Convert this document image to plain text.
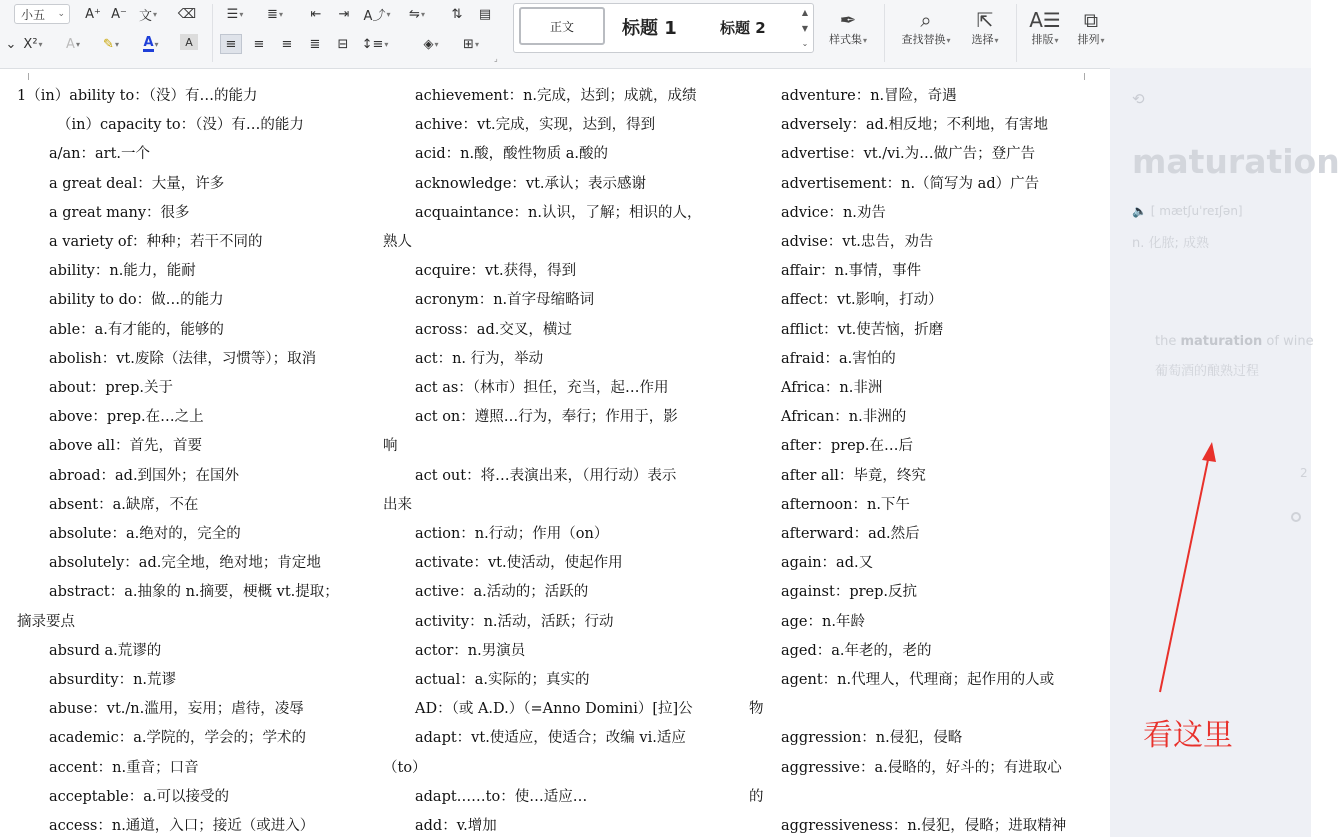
小五 ⌄ A⁺ A⁻ ⽂ ▾ ⌫ ☰ ▾ ≣ ▾	⇤	⇥	A⤴ ▾ ⇋ ▾	⇅	▤
⌄ X² ▾	A ▾ ✎ ▾ A ▾	A	≡	≡	≡	≣	⊟	↕≡ ▾	◈ ▾ ⊞ ▾
⌟
正文	标题 1	标题 2
▲
▼
⌄
✒
样式集▾
⌕
查找替换▾
⇱
选择▾
A☰
排版▾
⧉
排列▾
1（in）ability to：（没）有…的能力
（in）capacity to：（没）有…的能力
a/an：art.一个
a great deal：大量，许多
a great many：很多
a variety of：种种；若干不同的
ability：n.能力，能耐
ability to do：做…的能力
able：a.有才能的，能够的
abolish：vt.废除（法律，习惯等）；取消
about：prep.关于
above：prep.在…之上
above all：首先，首要
abroad：ad.到国外；在国外
absent：a.缺席，不在
absolute：a.绝对的，完全的
absolutely：ad.完全地，绝对地；肯定地
abstract：a.抽象的 n.摘要，梗概 vt.提取；
摘录要点
absurd a.荒谬的
absurdity：n.荒谬
abuse：vt./n.滥用，妄用；虐待，凌辱
academic：a.学院的，学会的；学术的
accent：n.重音；口音
acceptable：a.可以接受的
access：n.通道，入口；接近（或进入）
achievement：n.完成，达到；成就，成绩
achive：vt.完成，实现，达到，得到
acid：n.酸，酸性物质 a.酸的
acknowledge：vt.承认；表示感谢
acquaintance：n.认识，了解；相识的人，
熟人
acquire：vt.获得，得到
acronym：n.首字母缩略词
across：ad.交叉，横过
act：n. 行为，举动
act as：（林市）担任，充当，起…作用
act on：遵照…行为，奉行；作用于，影
响
act out：将…表演出来，（用行动）表示
出来
action：n.行动；作用（on）
activate：vt.使活动，使起作用
active：a.活动的；活跃的
activity：n.活动，活跃；行动
actor：n.男演员
actual：a.实际的；真实的
AD：（或 A.D.）（=Anno Domini）[拉]公
adapt：vt.使适应，使适合；改编 vi.适应
（to）
adapt……to：使…适应…
add：v.增加
adventure：n.冒险，奇遇
adversely：ad.相反地；不利地，有害地
advertise：vt./vi.为…做广告；登广告
advertisement：n.（简写为 ad）广告
advice：n.劝告
advise：vt.忠告，劝告
affair：n.事情，事件
affect：vt.影响，打动）
afflict：vt.使苦恼，折磨
afraid：a.害怕的
Africa：n.非洲
African：n.非洲的
after：prep.在…后
after all：毕竟，终究
afternoon：n.下午
afterward：ad.然后
again：ad.又
against：prep.反抗
age：n.年龄
aged：a.年老的，老的
agent：n.代理人，代理商；起作用的人或
物
aggression：n.侵犯，侵略
aggressive：a.侵略的，好斗的；有进取心
的
aggressiveness：n.侵犯，侵略；进取精神
⟲
maturation
🔈 [ mætʃuˈreɪʃən]
n. 化脓; 成熟
the maturation of wine
葡萄酒的酿熟过程
2
看这里
